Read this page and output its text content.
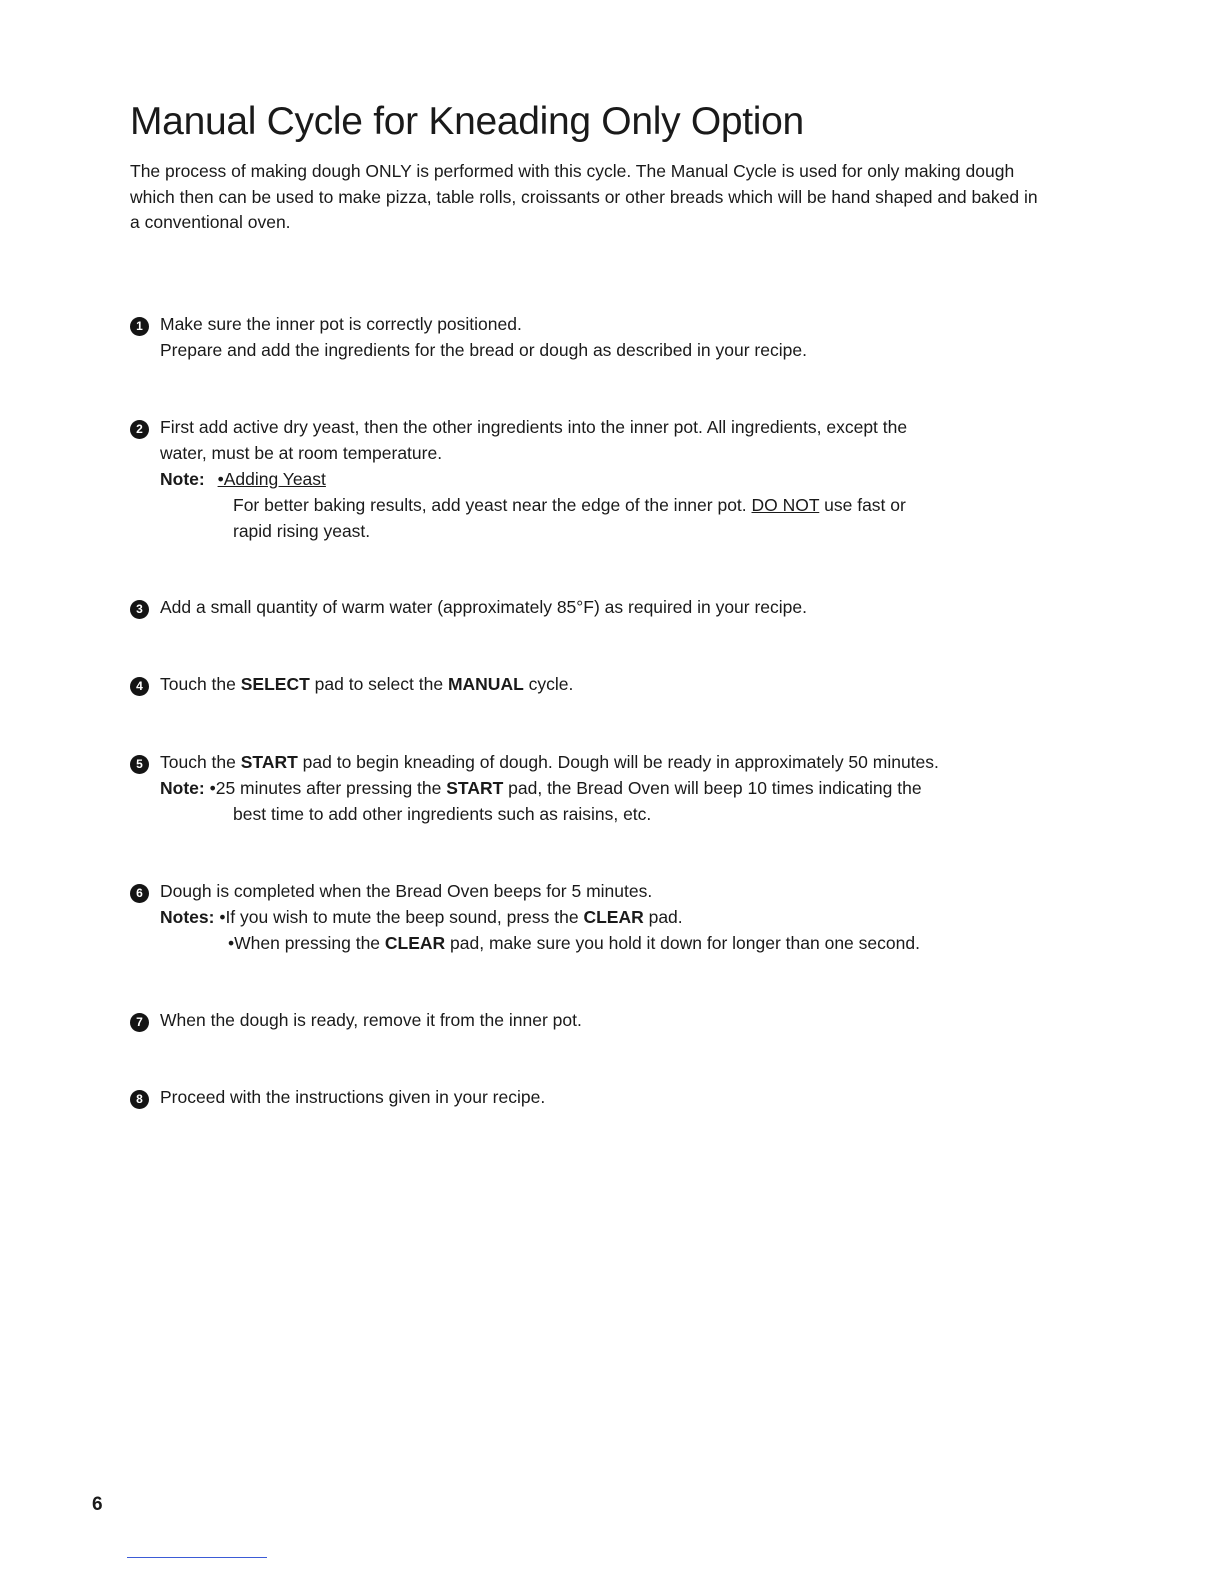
Manual Cycle for Kneading Only Option

The process of making dough ONLY is performed with this cycle. The Manual Cycle is used for only making dough which then can be used to make pizza, table rolls, croissants or other breads which will be hand shaped and baked in a conventional oven.

1 Make sure the inner pot is correctly positioned.
Prepare and add the ingredients for the bread or dough as described in your recipe.
2 First add active dry yeast, then the other ingredients into the inner pot. All ingredients, except the
water, must be at room temperature.
Note: •Adding Yeast
For better baking results, add yeast near the edge of the inner pot. DO NOT use fast or
rapid rising yeast.
3 Add a small quantity of warm water (approximately 85°F) as required in your recipe.
4 Touch the SELECT pad to select the MANUAL cycle.
5 Touch the START pad to begin kneading of dough. Dough will be ready in approximately 50 minutes.
Note: •25 minutes after pressing the START pad, the Bread Oven will beep 10 times indicating the
best time to add other ingredients such as raisins, etc.
6 Dough is completed when the Bread Oven beeps for 5 minutes.
Notes: •If you wish to mute the beep sound, press the CLEAR pad.
•When pressing the CLEAR pad, make sure you hold it down for longer than one second.
7 When the dough is ready, remove it from the inner pot.
8 Proceed with the instructions given in your recipe.
6
